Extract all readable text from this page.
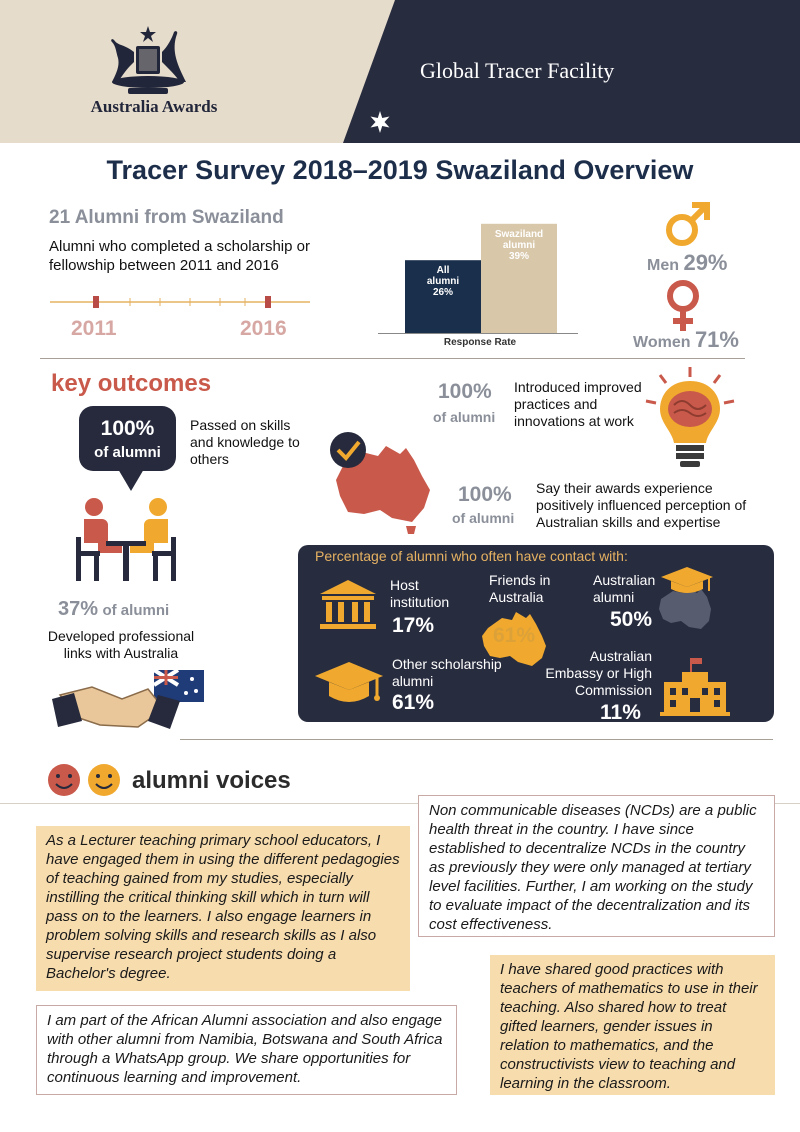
Australia Awards
Global Tracer Facility
Tracer Survey 2018–2019 Swaziland Overview
21 Alumni from Swaziland
Alumni who completed a scholarship or fellowship between 2011 and 2016
2011	2016
All
alumni
26%
Swaziland
alumni
39%
Response Rate
Men 29%
Women 71%
key outcomes
100%
of alumni
Passed on skills and knowledge to others
37% of alumni
Developed professional links with Australia
100%
of alumni
Introduced improved practices and innovations at work
100%
of alumni
Say their awards experience positively influenced perception of Australian skills and expertise
Percentage of alumni who often have contact with:
Host institution
17%
Friends in Australia
61%
Australian alumni
50%
Other scholarship alumni
61%
Australian Embassy or High Commission
11%
alumni voices
Non communicable diseases (NCDs) are a public health threat in the country. I have since established to decentralize NCDs in the country as previously they were only managed at tertiary level facilities. Further, I am working on the study to evaluate impact of the decentralization and its cost effectiveness.
As a Lecturer teaching primary school educators, I have engaged them in using the different pedagogies of teaching gained from my studies, especially instilling the critical thinking skill which in turn will pass on to the learners. I also engage learners in problem solving skills and research skills as I also supervise research project students doing a Bachelor's degree.	I have shared good practices with teachers of mathematics to use in their teaching. Also shared how to treat gifted learners, gender issues in relation to mathematics, and the constructivists view to teaching and learning in the classroom.
I am part of the African Alumni association and also engage with other alumni from Namibia, Botswana and South Africa through a WhatsApp group. We share opportunities for continuous learning and improvement.
